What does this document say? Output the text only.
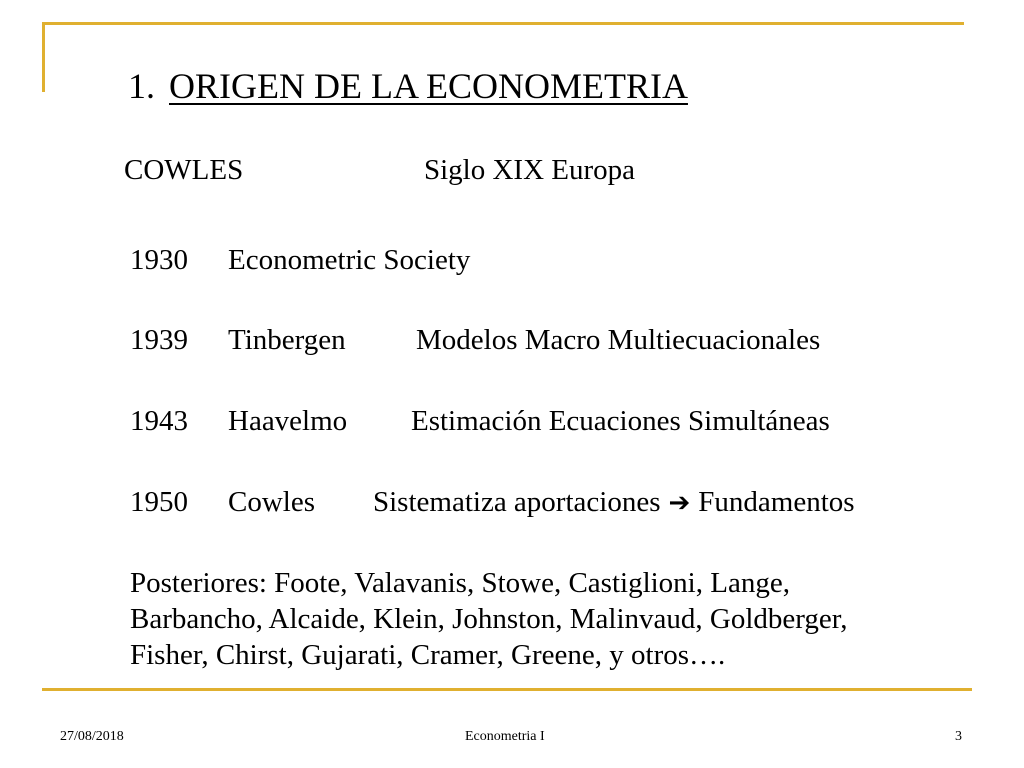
1. ORIGEN DE LA ECONOMETRIA
COWLES	Siglo XIX Europa
1930 Econometric Society
1939 Tinbergen Modelos Macro Multiecuacionales
1943 Haavelmo Estimación Ecuaciones Simultáneas
1950 Cowles Sistematiza aportaciones ➔ Fundamentos
Posteriores: Foote, Valavanis, Stowe, Castiglioni, Lange,
Barbancho, Alcaide, Klein, Johnston, Malinvaud, Goldberger,
Fisher, Chirst, Gujarati, Cramer, Greene, y otros….
27/08/2018	Econometria I	3
